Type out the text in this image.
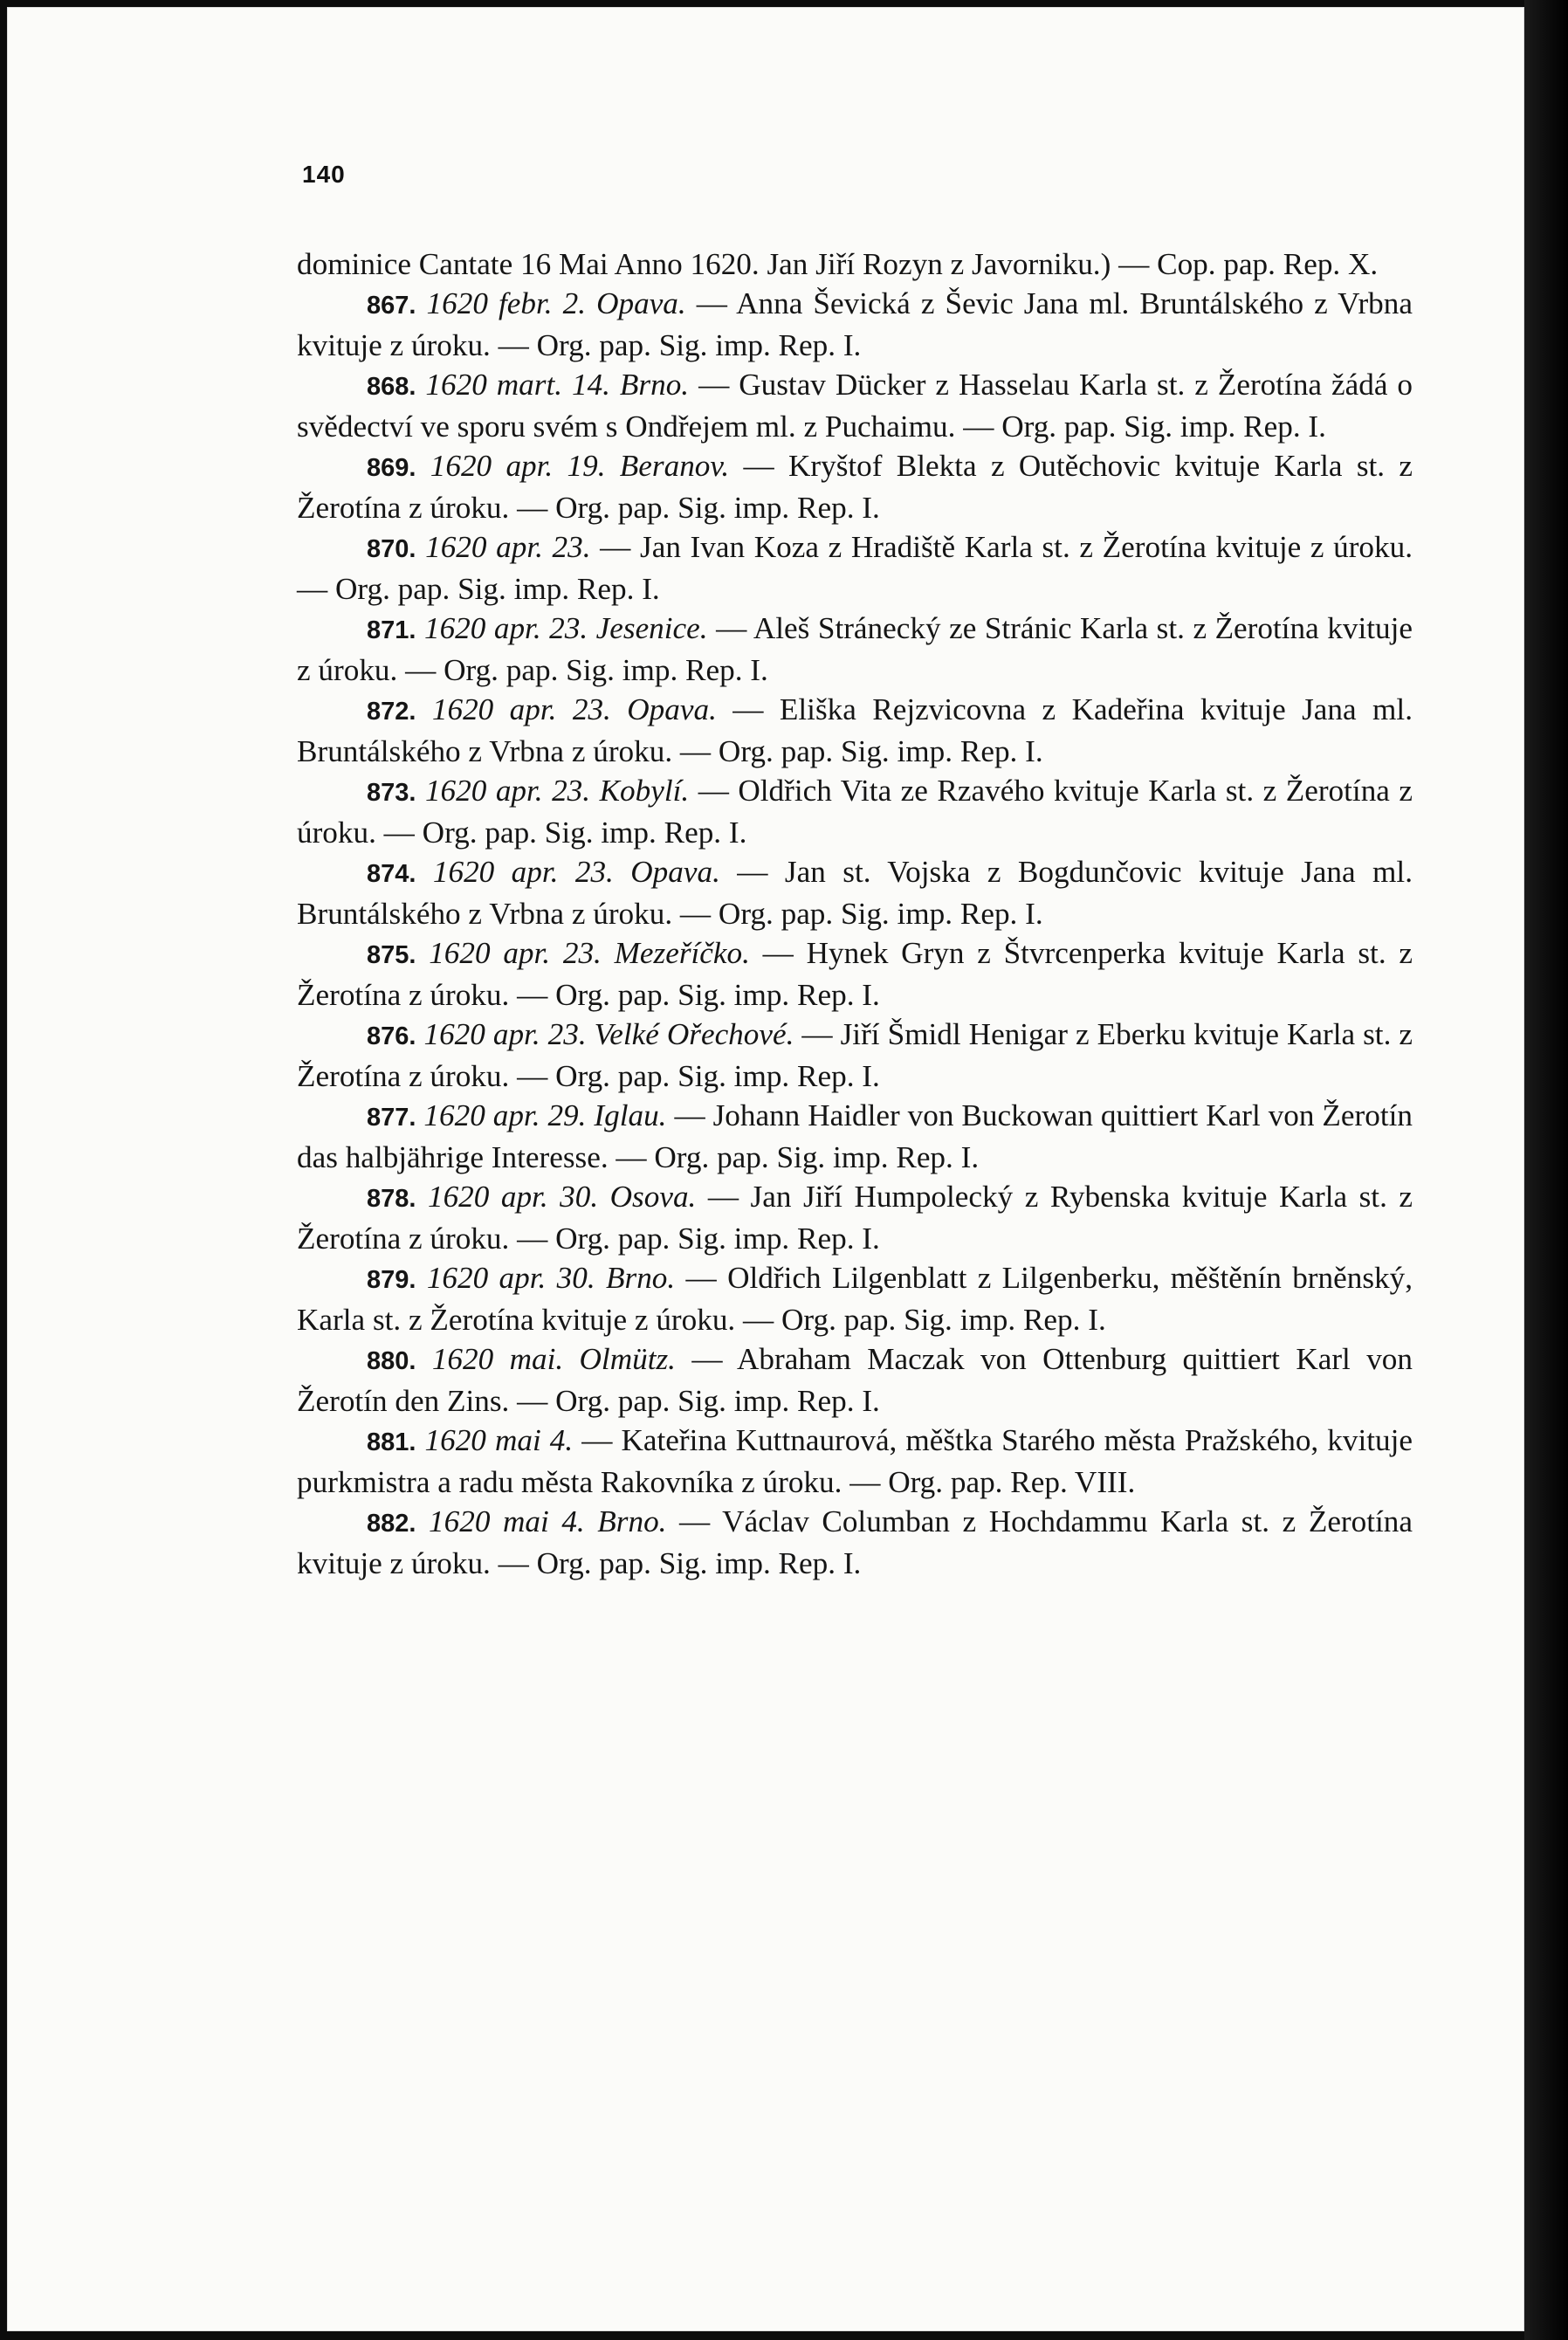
140

dominice Cantate 16 Mai Anno 1620. Jan Jiří Rozyn z Javorniku.) — Cop. pap. Rep. X.

867. 1620 febr. 2. Opava. — Anna Ševická z Ševic Jana ml. Bruntálského z Vrbna kvituje z úroku. — Org. pap. Sig. imp. Rep. I.

868. 1620 mart. 14. Brno. — Gustav Dücker z Hasselau Karla st. z Žerotína žádá o svědectví ve sporu svém s Ondřejem ml. z Puchaimu. — Org. pap. Sig. imp. Rep. I.

869. 1620 apr. 19. Beranov. — Kryštof Blekta z Outěchovic kvituje Karla st. z Žerotína z úroku. — Org. pap. Sig. imp. Rep. I.

870. 1620 apr. 23. — Jan Ivan Koza z Hradiště Karla st. z Žerotína kvituje z úroku. — Org. pap. Sig. imp. Rep. I.

871. 1620 apr. 23. Jesenice. — Aleš Stránecký ze Stránic Karla st. z Žerotína kvituje z úroku. — Org. pap. Sig. imp. Rep. I.

872. 1620 apr. 23. Opava. — Eliška Rejzvicovna z Kadeřina kvituje Jana ml. Bruntálského z Vrbna z úroku. — Org. pap. Sig. imp. Rep. I.

873. 1620 apr. 23. Kobylí. — Oldřich Vita ze Rzavého kvituje Karla st. z Žerotína z úroku. — Org. pap. Sig. imp. Rep. I.

874. 1620 apr. 23. Opava. — Jan st. Vojska z Bogdunčovic kvituje Jana ml. Bruntálského z Vrbna z úroku. — Org. pap. Sig. imp. Rep. I.

875. 1620 apr. 23. Mezeříčko. — Hynek Gryn z Štvrcenperka kvituje Karla st. z Žerotína z úroku. — Org. pap. Sig. imp. Rep. I.

876. 1620 apr. 23. Velké Ořechové. — Jiří Šmidl Henigar z Eberku kvituje Karla st. z Žerotína z úroku. — Org. pap. Sig. imp. Rep. I.

877. 1620 apr. 29. Iglau. — Johann Haidler von Buckowan quittiert Karl von Žerotín das halbjährige Interesse. — Org. pap. Sig. imp. Rep. I.

878. 1620 apr. 30. Osova. — Jan Jiří Humpolecký z Rybenska kvituje Karla st. z Žerotína z úroku. — Org. pap. Sig. imp. Rep. I.

879. 1620 apr. 30. Brno. — Oldřich Lilgenblatt z Lilgenberku, měštěnín brněnský, Karla st. z Žerotína kvituje z úroku. — Org. pap. Sig. imp. Rep. I.

880. 1620 mai. Olmütz. — Abraham Maczak von Ottenburg quittiert Karl von Žerotín den Zins. — Org. pap. Sig. imp. Rep. I.

881. 1620 mai 4. — Kateřina Kuttnaurová, měštka Starého města Pražského, kvituje purkmistra a radu města Rakovníka z úroku. — Org. pap. Rep. VIII.

882. 1620 mai 4. Brno. — Václav Columban z Hochdammu Karla st. z Žerotína kvituje z úroku. — Org. pap. Sig. imp. Rep. I.
